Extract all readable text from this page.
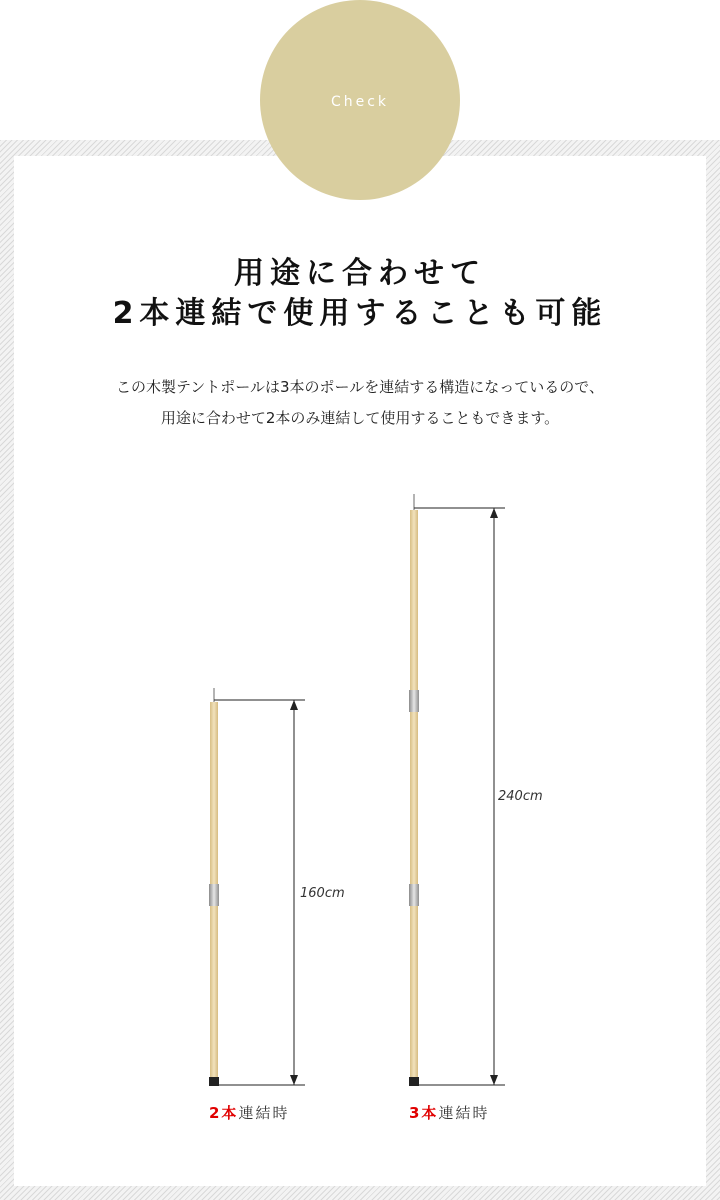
Check
用途に合わせて
2本連結で使用することも可能
この木製テントポールは3本のポールを連結する構造になっているので、
用途に合わせて2本のみ連結して使用することもできます。
160cm
240cm
2本連結時	3本連結時
